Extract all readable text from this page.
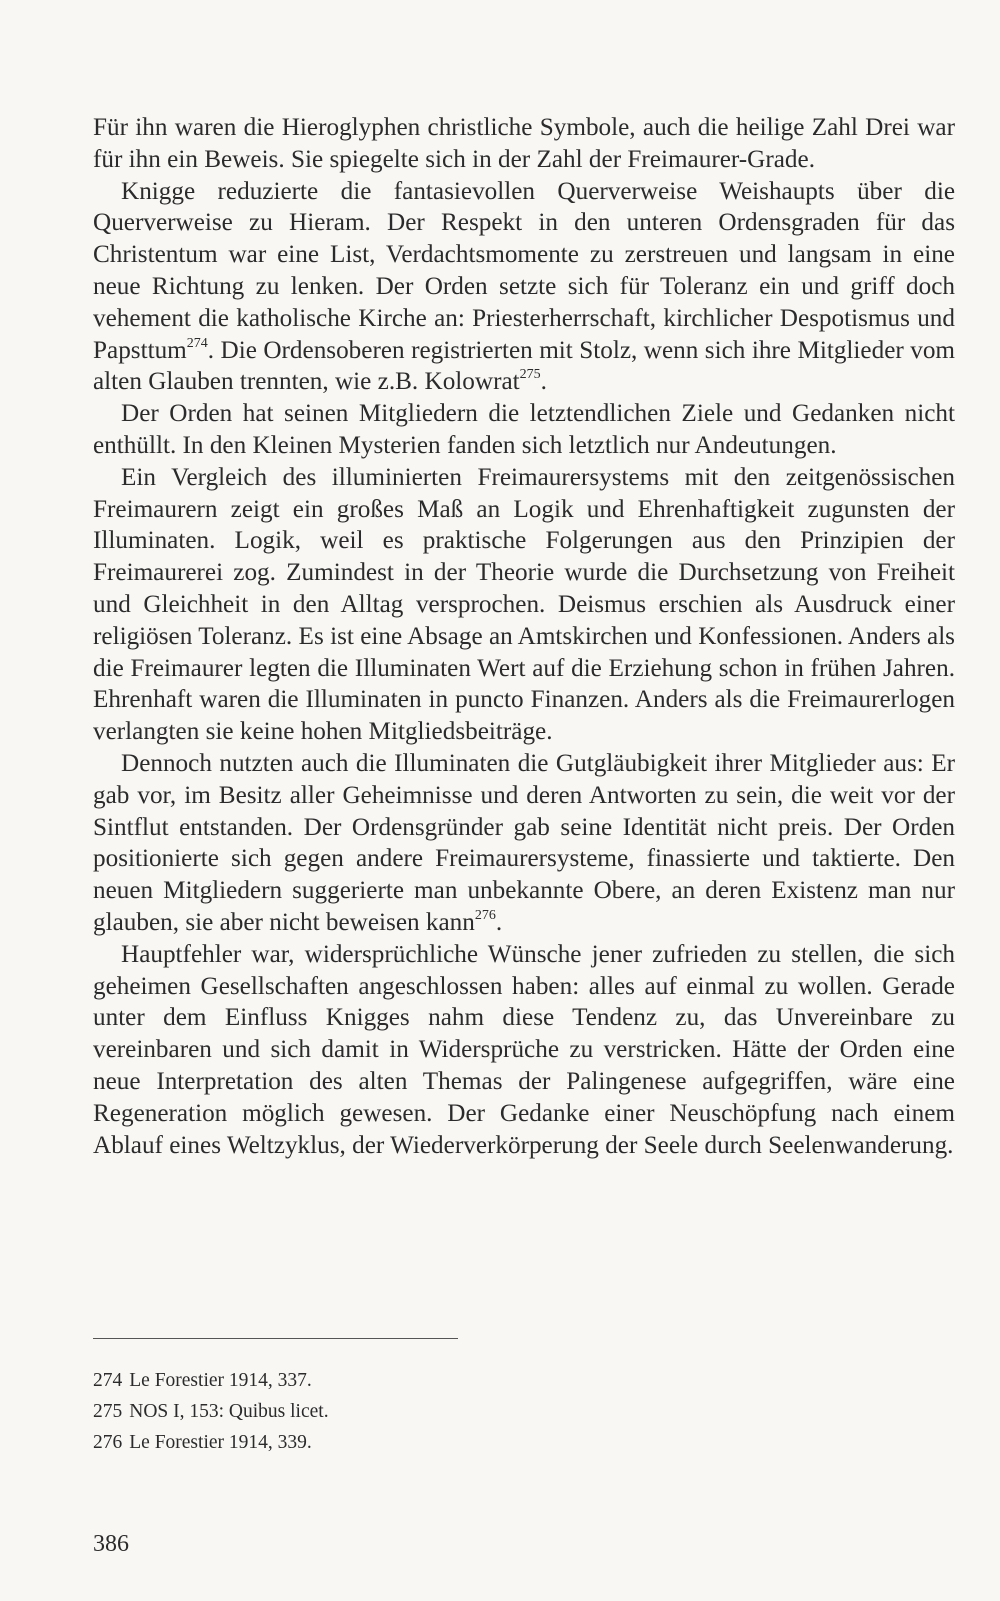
Für ihn waren die Hieroglyphen christliche Symbole, auch die heilige Zahl Drei war für ihn ein Beweis. Sie spiegelte sich in der Zahl der Freimaurer-Grade.

Knigge reduzierte die fantasievollen Querverweise Weishaupts über die Querverweise zu Hieram. Der Respekt in den unteren Ordensgraden für das Christentum war eine List, Verdachtsmomente zu zerstreuen und langsam in eine neue Richtung zu lenken. Der Orden setzte sich für Toleranz ein und griff doch vehement die katholische Kirche an: Priesterherrschaft, kirchlicher Despotismus und Papsttum$^{274}$. Die Ordensoberen registrierten mit Stolz, wenn sich ihre Mitglieder vom alten Glauben trennten, wie z.B. Kolowrat$^{275}$.

Der Orden hat seinen Mitgliedern die letztendlichen Ziele und Gedanken nicht enthüllt. In den Kleinen Mysterien fanden sich letztlich nur Andeutungen.

Ein Vergleich des illuminierten Freimaurersystems mit den zeitgenössischen Freimaurern zeigt ein großes Maß an Logik und Ehrenhaftigkeit zugunsten der Illuminaten. Logik, weil es praktische Folgerungen aus den Prinzipien der Freimaurerei zog. Zumindest in der Theorie wurde die Durchsetzung von Freiheit und Gleichheit in den Alltag versprochen. Deismus erschien als Ausdruck einer religiösen Toleranz. Es ist eine Absage an Amtskirchen und Konfessionen. Anders als die Freimaurer legten die Illuminaten Wert auf die Erziehung schon in frühen Jahren. Ehrenhaft waren die Illuminaten in puncto Finanzen. Anders als die Freimaurerlogen verlangten sie keine hohen Mitgliedsbeiträge.

Dennoch nutzten auch die Illuminaten die Gutgläubigkeit ihrer Mitglieder aus: Er gab vor, im Besitz aller Geheimnisse und deren Antworten zu sein, die weit vor der Sintflut entstanden. Der Ordensgründer gab seine Identität nicht preis. Der Orden positionierte sich gegen andere Freimaurersysteme, finassierte und taktierte. Den neuen Mitgliedern suggerierte man unbekannte Obere, an deren Existenz man nur glauben, sie aber nicht beweisen kann$^{276}$.

Hauptfehler war, widersprüchliche Wünsche jener zufrieden zu stellen, die sich geheimen Gesellschaften angeschlossen haben: alles auf einmal zu wollen. Gerade unter dem Einfluss Knigges nahm diese Tendenz zu, das Unvereinbare zu vereinbaren und sich damit in Widersprüche zu verstricken. Hätte der Orden eine neue Interpretation des alten Themas der Palingenese aufgegriffen, wäre eine Regeneration möglich gewesen. Der Gedanke einer Neuschöpfung nach einem Ablauf eines Weltzyklus, der Wiederverkörperung der Seele durch Seelenwanderung.

274 Le Forestier 1914, 337.
275 NOS I, 153: Quibus licet.
276 Le Forestier 1914, 339.
386
